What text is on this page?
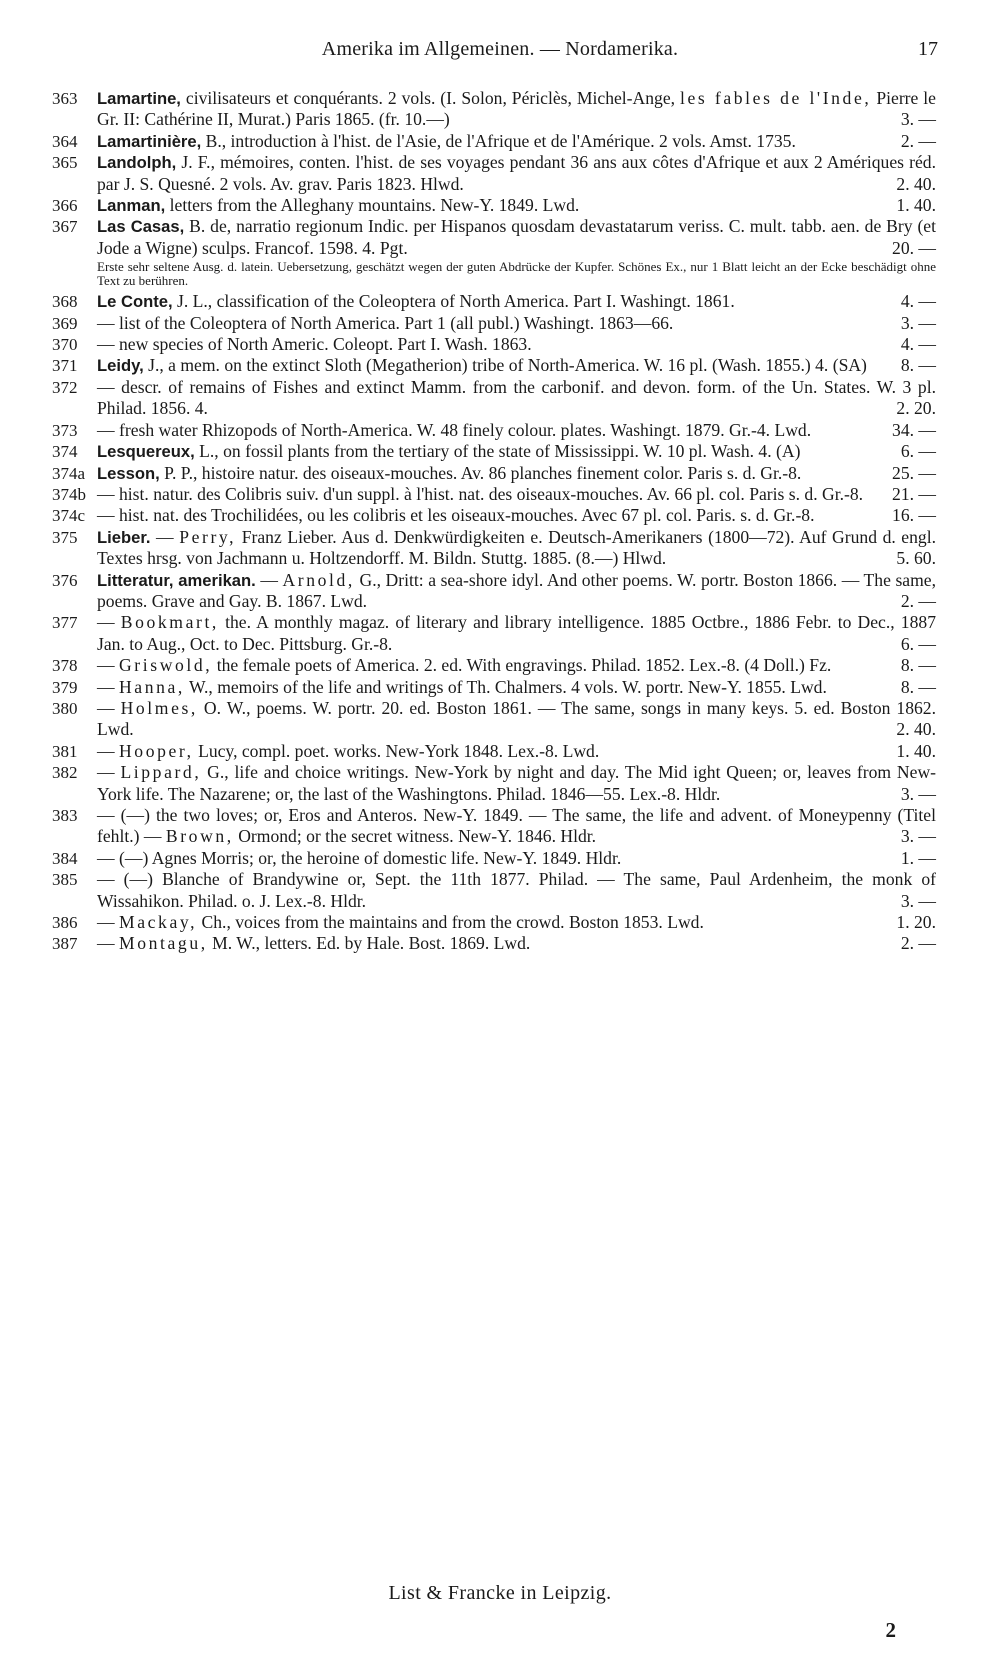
Amerika im Allgemeinen. — Nordamerika.	17
363	Lamartine, civilisateurs et conquérants. 2 vols. (I. Solon, Périclès, Michel-Ange, les fables de l'Inde, Pierre le Gr. II: Cathérine II, Murat.) Paris 1865. (fr. 10.—)	3. —
364	Lamartinière, B., introduction à l'hist. de l'Asie, de l'Afrique et de l'Amérique. 2 vols. Amst. 1735.	2. —
365	Landolph, J. F., mémoires, conten. l'hist. de ses voyages pendant 36 ans aux côtes d'Afrique et aux 2 Amériques réd. par J. S. Quesné. 2 vols. Av. grav. Paris 1823. Hlwd.	2. 40.
366	Lanman, letters from the Alleghany mountains. New-Y. 1849. Lwd.	1. 40.
367	Las Casas, B. de, narratio regionum Indic. per Hispanos quosdam devastatarum veriss. C. mult. tabb. aen. de Bry (et Jode a Wigne) sculps. Francof. 1598. 4. Pgt.	20. —
Erste sehr seltene Ausg. d. latein. Uebersetzung, geschätzt wegen der guten Abdrücke der Kupfer. Schönes Ex., nur 1 Blatt leicht an der Ecke beschädigt ohne Text zu berühren.
368	Le Conte, J. L., classification of the Coleoptera of North America. Part I. Washingt. 1861.	4. —
369	— list of the Coleoptera of North America. Part 1 (all publ.) Washingt. 1863—66.	3. —
370	— new species of North Americ. Coleopt. Part I. Wash. 1863.	4. —
371	Leidy, J., a mem. on the extinct Sloth (Megatherion) tribe of North-America. W. 16 pl. (Wash. 1855.) 4. (SA)	8. —
372	— descr. of remains of Fishes and extinct Mamm. from the carbonif. and devon. form. of the Un. States. W. 3 pl. Philad. 1856. 4.	2. 20.
373	— fresh water Rhizopods of North-America. W. 48 finely colour. plates. Washingt. 1879. Gr.-4. Lwd.	34. —
374	Lesquereux, L., on fossil plants from the tertiary of the state of Mississippi. W. 10 pl. Wash. 4. (A)	6. —
374a Lesson, P. P., histoire natur. des oiseaux-mouches. Av. 86 planches finement color. Paris s. d. Gr.-8.	25. —
374b — hist. natur. des Colibris suiv. d'un suppl. à l'hist. nat. des oiseaux-mouches. Av. 66 pl. col. Paris s. d. Gr.-8.	21. —
374c — hist. nat. des Trochilidées, ou les colibris et les oiseaux-mouches. Avec 67 pl. col. Paris. s. d. Gr.-8.	16. —
375	Lieber. — Perry, Franz Lieber. Aus d. Denkwürdigkeiten e. Deutsch-Amerikaners (1800—72). Auf Grund d. engl. Textes hrsg. von Jachmann u. Holtzendorff. M. Bildn. Stuttg. 1885. (8.—) Hlwd.	5. 60.
376	Litteratur, amerikan. — Arnold, G., Dritt: a sea-shore idyl. And other poems. W. portr. Boston 1866. — The same, poems. Grave and Gay. B. 1867. Lwd.	2. —
377	— Bookmart, the. A monthly magaz. of literary and library intelligence. 1885 Octbre., 1886 Febr. to Dec., 1887 Jan. to Aug., Oct. to Dec. Pittsburg. Gr.-8.	6. —
378	— Griswold, the female poets of America. 2. ed. With engravings. Philad. 1852. Lex.-8. (4 Doll.) Fz.	8. —
379	— Hanna, W., memoirs of the life and writings of Th. Chalmers. 4 vols. W. portr. New-Y. 1855. Lwd.	8. —
380	— Holmes, O. W., poems. W. portr. 20. ed. Boston 1861. — The same, songs in many keys. 5. ed. Boston 1862. Lwd.	2. 40.
381	— Hooper, Lucy, compl. poet. works. New-York 1848. Lex.-8. Lwd.	1. 40.
382	— Lippard, G., life and choice writings. New-York by night and day. The Mid ight Queen; or, leaves from New-York life. The Nazarene; or, the last of the Washingtons. Philad. 1846—55. Lex.-8. Hldr.	3. —
383	— (—) the two loves; or, Eros and Anteros. New-Y. 1849. — The same, the life and advent. of Moneypenny (Titel fehlt.) — Brown, Ormond; or the secret witness. New-Y. 1846. Hldr.	3. —
384	— (—) Agnes Morris; or, the heroine of domestic life. New-Y. 1849. Hldr.	1. —
385	— (—) Blanche of Brandywine or, Sept. the 11th 1877. Philad. — The same, Paul Ardenheim, the monk of Wissahikon. Philad. o. J. Lex.-8. Hldr.	3. —
386	— Mackay, Ch., voices from the maintains and from the crowd. Boston 1853. Lwd.	1. 20.
387	— Montagu, M. W., letters. Ed. by Hale. Bost. 1869. Lwd.	2. —
List & Francke in Leipzig.
2
